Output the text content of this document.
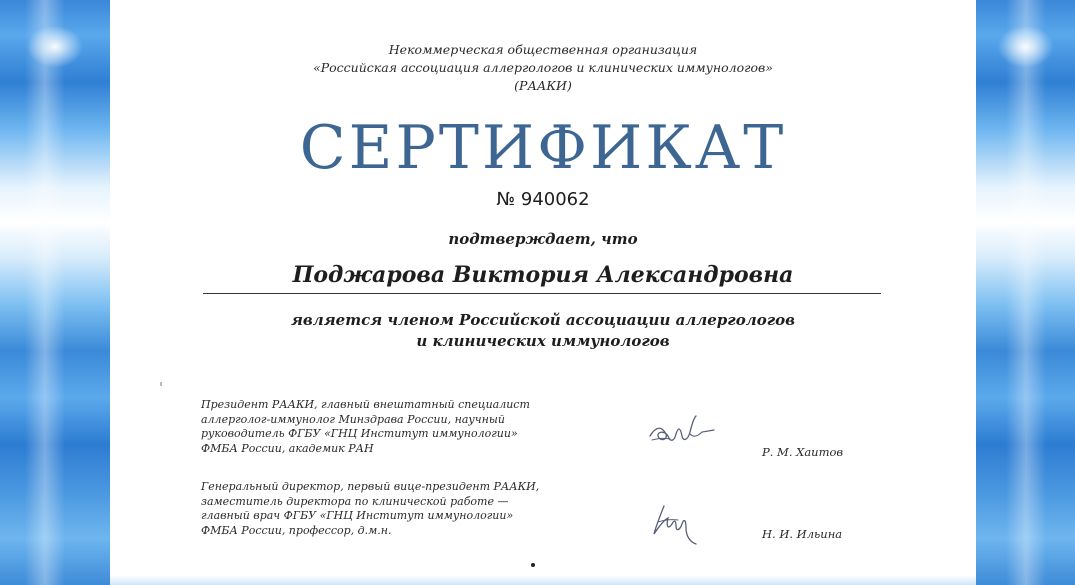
Некоммерческая общественная организация
«Российская ассоциация аллергологов и клинических иммунологов»
(РААКИ)
СЕРТИФИКАТ
№ 940062
подтверждает, что
Поджарова Виктория Александровна
является членом Российской ассоциации аллергологов
и клинических иммунологов
Президент РААКИ, главный внештатный специалист
аллерголог-иммунолог Минздрава России, научный
руководитель ФГБУ «ГНЦ Институт иммунологии»
ФМБА России, академик РАН	Р. М. Хаитов
Генеральный директор, первый вице-президент РААКИ,
заместитель директора по клинической работе —
главный врач ФГБУ «ГНЦ Институт иммунологии»
ФМБА России, профессор, д.м.н.	Н. И. Ильина
